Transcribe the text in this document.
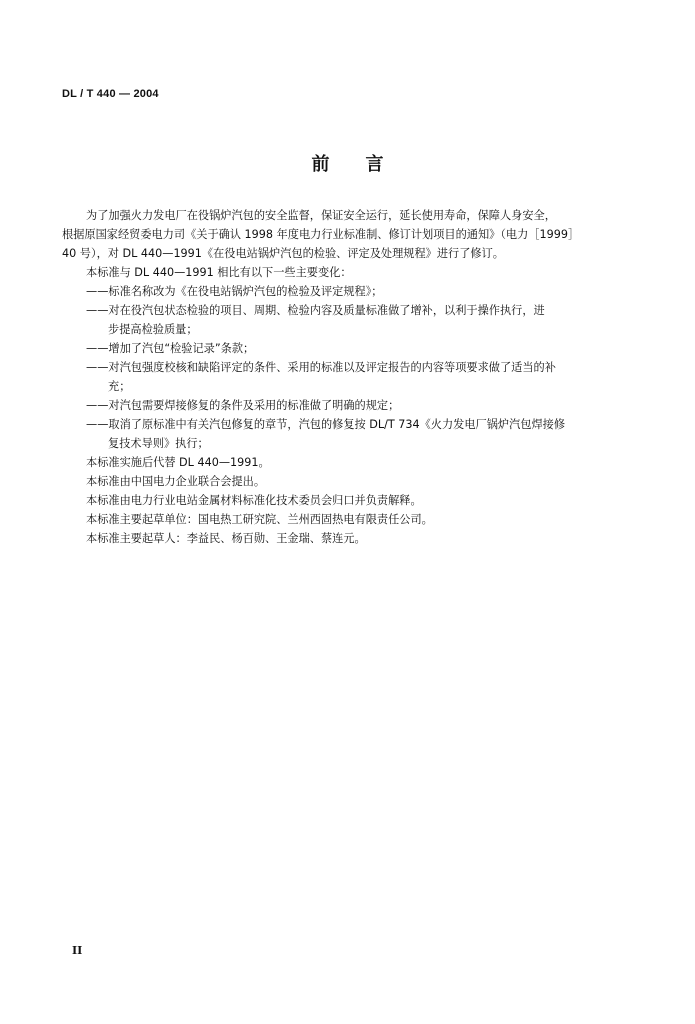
DL / T 440 — 2004
前言

为了加强火力发电厂在役锅炉汽包的安全监督，保证安全运行，延长使用寿命，保障人身安全，

根据原国家经贸委电力司《关于确认 1998 年度电力行业标准制、修订计划项目的通知》（电力［1999］

40 号），对 DL 440—1991《在役电站锅炉汽包的检验、评定及处理规程》进行了修订。

本标准与 DL 440—1991 相比有以下一些主要变化：

——标准名称改为《在役电站锅炉汽包的检验及评定规程》；

——对在役汽包状态检验的项目、周期、检验内容及质量标准做了增补，以利于操作执行，进

步提高检验质量；

——增加了汽包“检验记录”条款；

——对汽包强度校核和缺陷评定的条件、采用的标准以及评定报告的内容等项要求做了适当的补

充；

——对汽包需要焊接修复的条件及采用的标准做了明确的规定；

——取消了原标准中有关汽包修复的章节，汽包的修复按 DL/T 734《火力发电厂锅炉汽包焊接修

复技术导则》执行；

本标准实施后代替 DL 440—1991。

本标准由中国电力企业联合会提出。

本标准由电力行业电站金属材料标准化技术委员会归口并负责解释。

本标准主要起草单位：国电热工研究院、兰州西固热电有限责任公司。

本标准主要起草人：李益民、杨百勋、王金瑞、蔡连元。

II
